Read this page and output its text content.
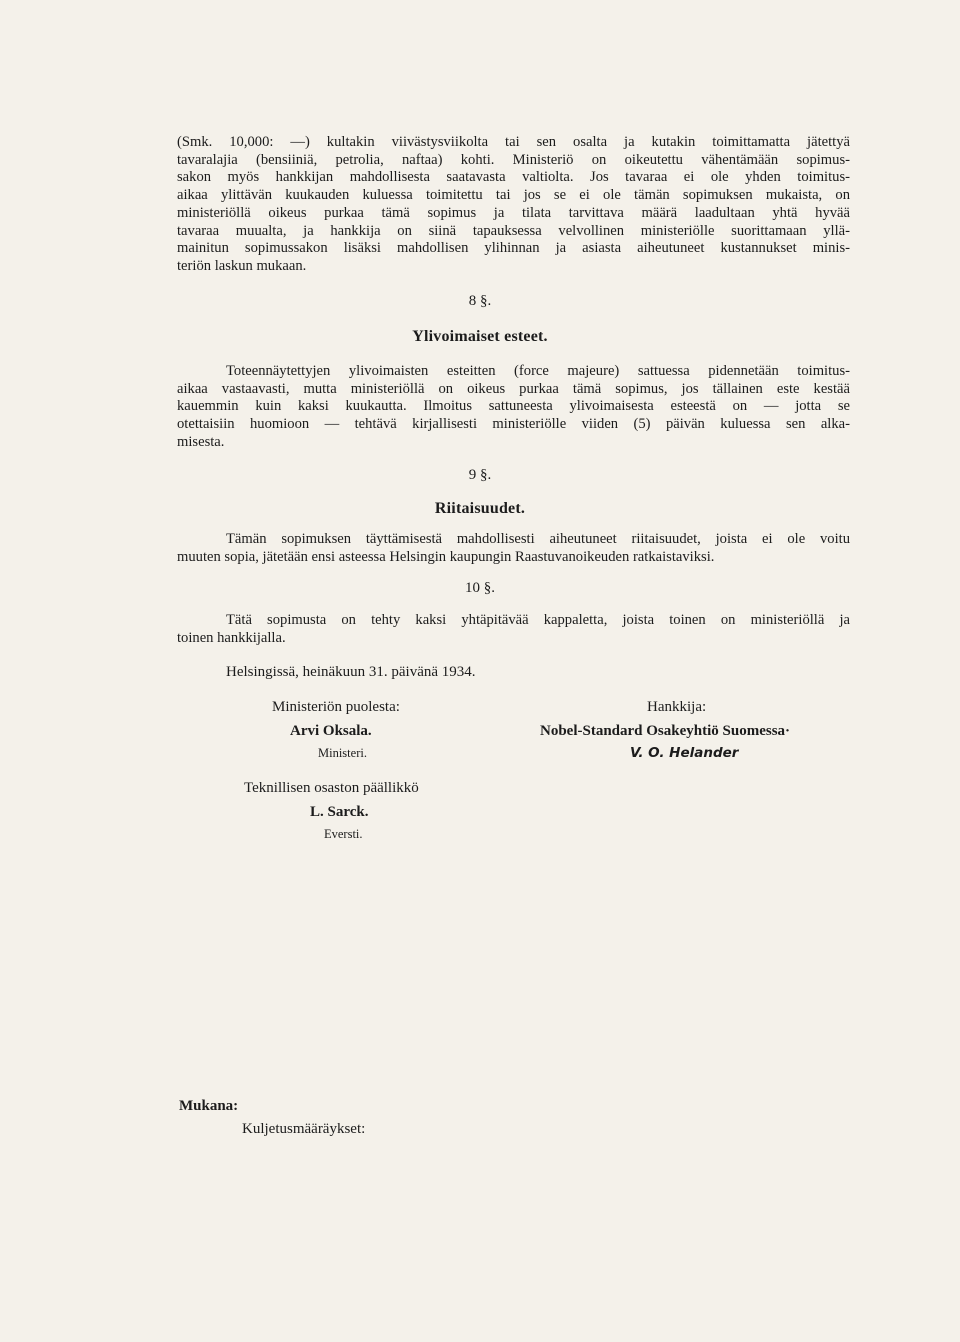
(Smk. 10,000: —) kultakin viivästysviikolta tai sen osalta ja kutakin toimittamatta jätettyä
tavaralajia (bensiiniä, petrolia, naftaa) kohti. Ministeriö on oikeutettu vähentämään sopimus-
sakon myös hankkijan mahdollisesta saatavasta valtiolta. Jos tavaraa ei ole yhden toimitus-
aikaa ylittävän kuukauden kuluessa toimitettu tai jos se ei ole tämän sopimuksen mukaista, on
ministeriöllä oikeus purkaa tämä sopimus ja tilata tarvittava määrä laadultaan yhtä hyvää
tavaraa muualta, ja hankkija on siinä tapauksessa velvollinen ministeriölle suorittamaan yllä-
mainitun sopimussakon lisäksi mahdollisen ylihinnan ja asiasta aiheutuneet kustannukset minis-
teriön laskun mukaan.
8 §.
Ylivoimaiset esteet.
Toteennäytettyjen ylivoimaisten esteitten (force majeure) sattuessa pidennetään toimitus-
aikaa vastaavasti, mutta ministeriöllä on oikeus purkaa tämä sopimus, jos tällainen este kestää
kauemmin kuin kaksi kuukautta. Ilmoitus sattuneesta ylivoimaisesta esteestä on — jotta se
otettaisiin huomioon — tehtävä kirjallisesti ministeriölle viiden (5) päivän kuluessa sen alka-
misesta.
9 §.
Riitaisuudet.
Tämän sopimuksen täyttämisestä mahdollisesti aiheutuneet riitaisuudet, joista ei ole voitu
muuten sopia, jätetään ensi asteessa Helsingin kaupungin Raastuvanoikeuden ratkaistaviksi.
10 §.
Tätä sopimusta on tehty kaksi yhtäpitävää kappaletta, joista toinen on ministeriöllä ja
toinen hankkijalla.
Helsingissä, heinäkuun 31. päivänä 1934.
Ministeriön puolesta:
Arvi Oksala.
Ministeri.
Hankkija:
Nobel-Standard Osakeyhtiö Suomessa·
V. O. Helander
Teknillisen osaston päällikkö
L. Sarck.
Eversti.
Mukana:
Kuljetusmääräykset:
